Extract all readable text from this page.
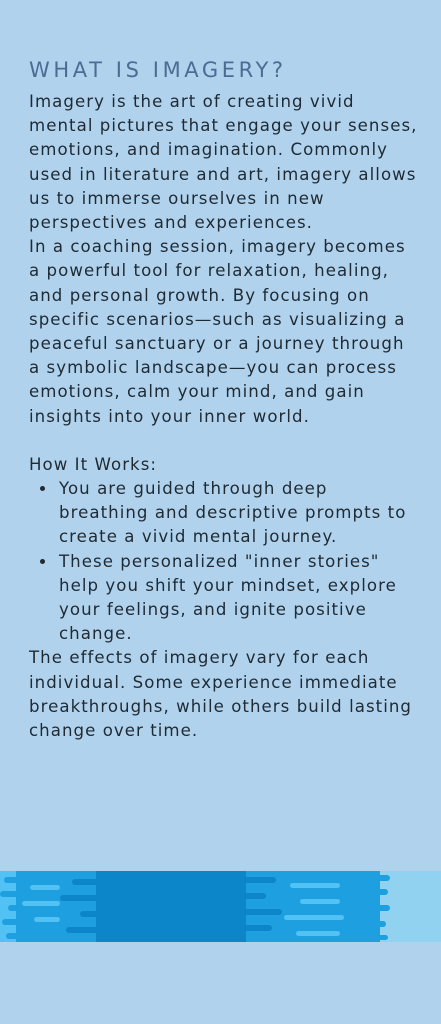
WHAT IS IMAGERY?

Imagery is the art of creating vivid mental pictures that engage your senses, emotions, and imagination. Commonly used in literature and art, imagery allows us to immerse ourselves in new perspectives and experiences.

In a coaching session, imagery becomes a powerful tool for relaxation, healing, and personal growth. By focusing on specific scenarios—such as visualizing a peaceful sanctuary or a journey through a symbolic landscape—you can process emotions, calm your mind, and gain insights into your inner world.

How It Works:

• You are guided through deep breathing and descriptive prompts to create a vivid mental journey.
• These personalized "inner stories" help you shift your mindset, explore your feelings, and ignite positive change.

The effects of imagery vary for each individual. Some experience immediate breakthroughs, while others build lasting change over time.
